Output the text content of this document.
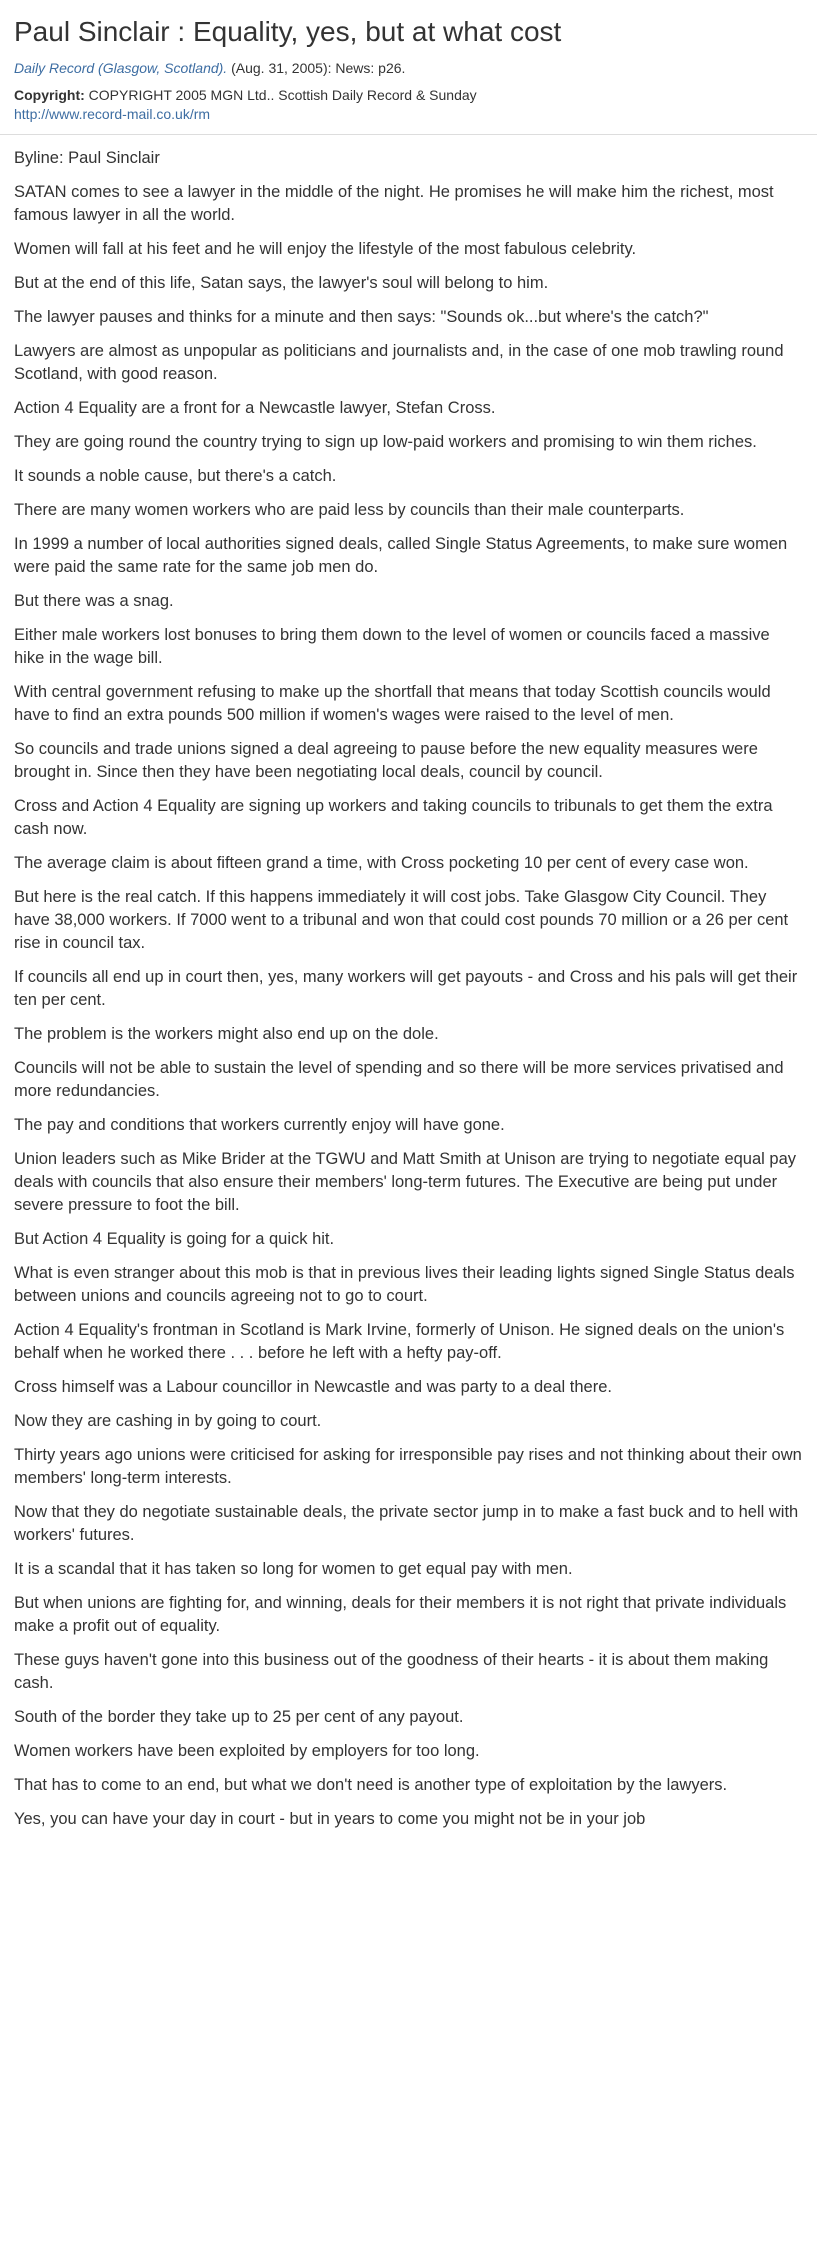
Paul Sinclair : Equality, yes, but at what cost
Daily Record (Glasgow, Scotland). (Aug. 31, 2005): News: p26.

Copyright: COPYRIGHT 2005 MGN Ltd.. Scottish Daily Record & Sunday

http://www.record-mail.co.uk/rm

Byline: Paul Sinclair

SATAN comes to see a lawyer in the middle of the night. He promises he will make him the richest, most famous lawyer in all the world.

Women will fall at his feet and he will enjoy the lifestyle of the most fabulous celebrity.

But at the end of this life, Satan says, the lawyer's soul will belong to him.

The lawyer pauses and thinks for a minute and then says: "Sounds ok...but where's the catch?"

Lawyers are almost as unpopular as politicians and journalists and, in the case of one mob trawling round Scotland, with good reason.

Action 4 Equality are a front for a Newcastle lawyer, Stefan Cross.

They are going round the country trying to sign up low-paid workers and promising to win them riches.

It sounds a noble cause, but there's a catch.

There are many women workers who are paid less by councils than their male counterparts.

In 1999 a number of local authorities signed deals, called Single Status Agreements, to make sure women were paid the same rate for the same job men do.

But there was a snag.

Either male workers lost bonuses to bring them down to the level of women or councils faced a massive hike in the wage bill.

With central government refusing to make up the shortfall that means that today Scottish councils would have to find an extra pounds 500 million if women's wages were raised to the level of men.

So councils and trade unions signed a deal agreeing to pause before the new equality measures were brought in. Since then they have been negotiating local deals, council by council.

Cross and Action 4 Equality are signing up workers and taking councils to tribunals to get them the extra cash now.

The average claim is about fifteen grand a time, with Cross pocketing 10 per cent of every case won.

But here is the real catch. If this happens immediately it will cost jobs. Take Glasgow City Council. They have 38,000 workers. If 7000 went to a tribunal and won that could cost pounds 70 million or a 26 per cent rise in council tax.

If councils all end up in court then, yes, many workers will get payouts - and Cross and his pals will get their ten per cent.

The problem is the workers might also end up on the dole.

Councils will not be able to sustain the level of spending and so there will be more services privatised and more redundancies.

The pay and conditions that workers currently enjoy will have gone.

Union leaders such as Mike Brider at the TGWU and Matt Smith at Unison are trying to negotiate equal pay deals with councils that also ensure their members' long-term futures. The Executive are being put under severe pressure to foot the bill.

But Action 4 Equality is going for a quick hit.

What is even stranger about this mob is that in previous lives their leading lights signed Single Status deals between unions and councils agreeing not to go to court.

Action 4 Equality's frontman in Scotland is Mark Irvine, formerly of Unison. He signed deals on the union's behalf when he worked there . . . before he left with a hefty pay-off.

Cross himself was a Labour councillor in Newcastle and was party to a deal there.

Now they are cashing in by going to court.

Thirty years ago unions were criticised for asking for irresponsible pay rises and not thinking about their own members' long-term interests.

Now that they do negotiate sustainable deals, the private sector jump in to make a fast buck and to hell with workers' futures.

It is a scandal that it has taken so long for women to get equal pay with men.

But when unions are fighting for, and winning, deals for their members it is not right that private individuals make a profit out of equality.

These guys haven't gone into this business out of the goodness of their hearts - it is about them making cash.

South of the border they take up to 25 per cent of any payout.

Women workers have been exploited by employers for too long.

That has to come to an end, but what we don't need is another type of exploitation by the lawyers.

Yes, you can have your day in court - but in years to come you might not be in your job
